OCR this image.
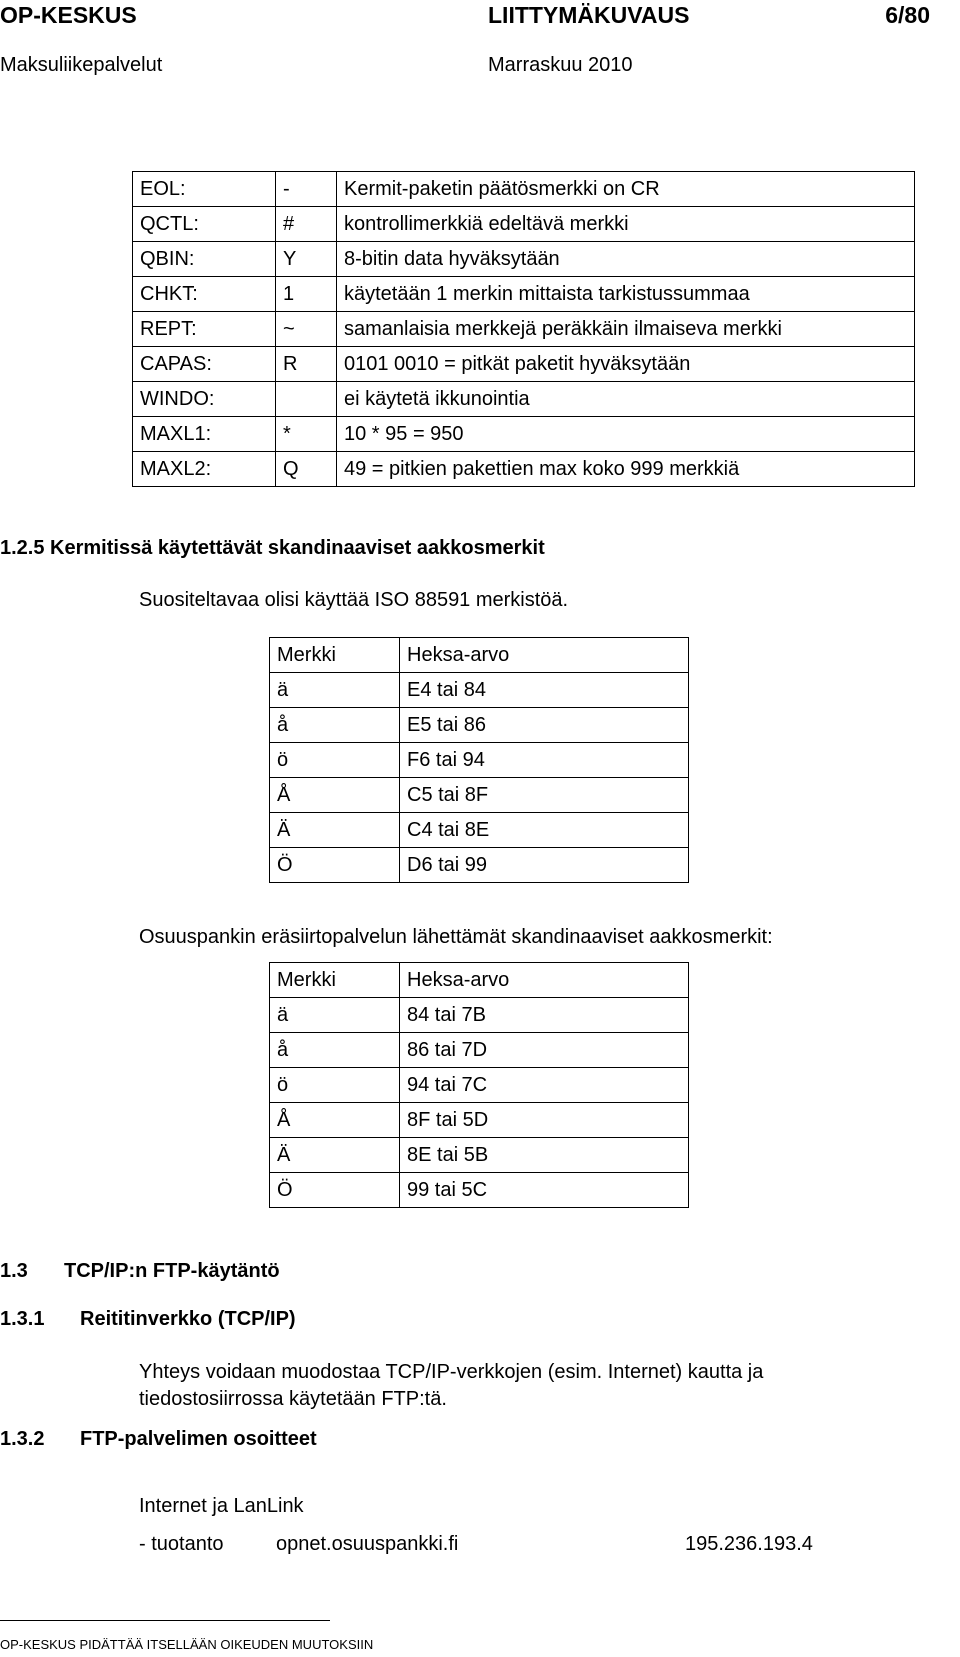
OP-KESKUS	LIITTYMÄKUVAUS	6/80
Maksuliikepalvelut	Marraskuu 2010
EOL:	-	Kermit-paketin päätösmerkki on CR
QCTL:	#	kontrollimerkkiä edeltävä merkki
QBIN:	Y	8-bitin data hyväksytään
CHKT:	1	käytetään 1 merkin mittaista tarkistussummaa
REPT:	~	samanlaisia merkkejä peräkkäin ilmaiseva merkki
CAPAS:	R	0101 0010 = pitkät paketit hyväksytään
WINDO:		ei käytetä ikkunointia
MAXL1:	*	10 * 95 = 950
MAXL2:	Q	49 = pitkien pakettien max koko 999 merkkiä
1.2.5 Kermitissä käytettävät skandinaaviset aakkosmerkit
Suositeltavaa olisi käyttää ISO 88591 merkistöä.
Merkki	Heksa-arvo
ä	E4 tai 84
å	E5 tai 86
ö	F6 tai 94
Å	C5 tai 8F
Ä	C4 tai 8E
Ö	D6 tai 99
Osuuspankin eräsiirtopalvelun lähettämät skandinaaviset aakkosmerkit:
Merkki	Heksa-arvo
ä	84 tai 7B
å	86 tai 7D
ö	94 tai 7C
Å	8F tai 5D
Ä	8E tai 5B
Ö	99 tai 5C
1.3 TCP/IP:n FTP-käytäntö
1.3.1 Reititinverkko (TCP/IP)
Yhteys voidaan muodostaa TCP/IP-verkkojen (esim. Internet) kautta ja
tiedostosiirrossa käytetään FTP:tä.
1.3.2 FTP-palvelimen osoitteet
Internet ja LanLink
- tuotanto	opnet.osuuspankki.fi	195.236.193.4
OP-KESKUS PIDÄTTÄÄ ITSELLÄÄN OIKEUDEN MUUTOKSIIN
